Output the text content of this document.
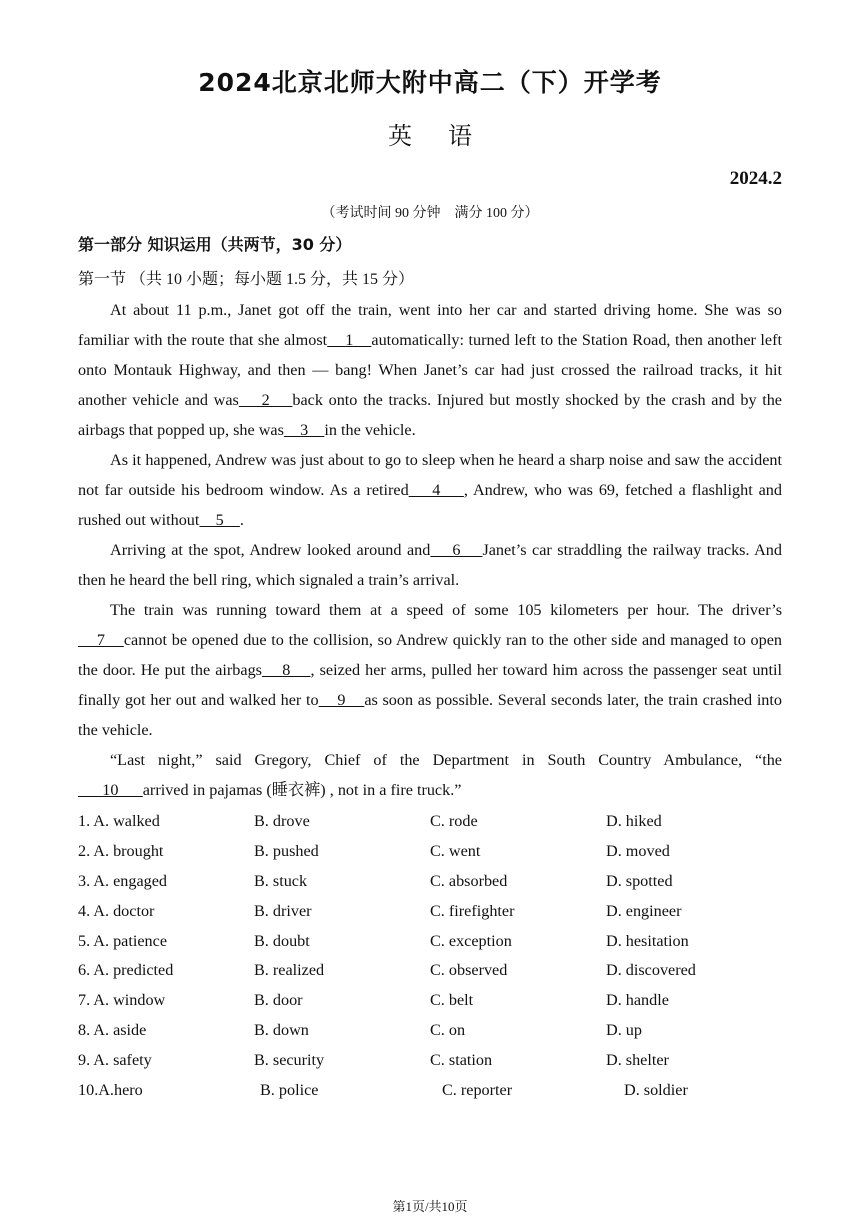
2024北京北师大附中高二（下）开学考
英 语
2024.2
（考试时间 90 分钟　满分 100 分）
第一部分 知识运用（共两节，30 分）
第一节 （共 10 小题；每小题 1.5 分，共 15 分）

At about 11 p.m., Janet got off the train, went into her car and started driving home. She was so familiar with the route that she almost    1    automatically: turned left to the Station Road, then another left onto Montauk Highway, and then — bang! When Janet’s car had just crossed the railroad tracks, it hit another vehicle and was    2    back onto the tracks. Injured but mostly shocked by the crash and by the airbags that popped up, she was    3    in the vehicle.

As it happened, Andrew was just about to go to sleep when he heard a sharp noise and saw the accident not far outside his bedroom window. As a retired    4    , Andrew, who was 69, fetched a flashlight and rushed out without    5    .

Arriving at the spot, Andrew looked around and    6    Janet’s car straddling the railway tracks. And then he heard the bell ring, which signaled a train’s arrival.

The train was running toward them at a speed of some 105 kilometers per hour. The driver’s    7    cannot be opened due to the collision, so Andrew quickly ran to the other side and managed to open the door. He put the airbags    8    , seized her arms, pulled her toward him across the passenger seat until finally got her out and walked her to    9    as soon as possible. Several seconds later, the train crashed into the vehicle.

“Last night,” said Gregory, Chief of the Department in South Country Ambulance, “the      10      arrived in pajamas (睡衣裤) , not in a fire truck.”

1. A. walked	B. drove	C. rode	D. hiked
2. A. brought	B. pushed	C. went	D. moved
3. A. engaged	B. stuck	C. absorbed	D. spotted
4. A. doctor	B. driver	C. firefighter	D. engineer
5. A. patience	B. doubt	C. exception	D. hesitation
6. A. predicted	B. realized	C. observed	D. discovered
7. A. window	B. door	C. belt	D. handle
8. A. aside	B. down	C. on	D. up
9. A. safety	B. security	C. station	D. shelter
10.A.hero	B. police	C. reporter	D. soldier
第1页/共10页
